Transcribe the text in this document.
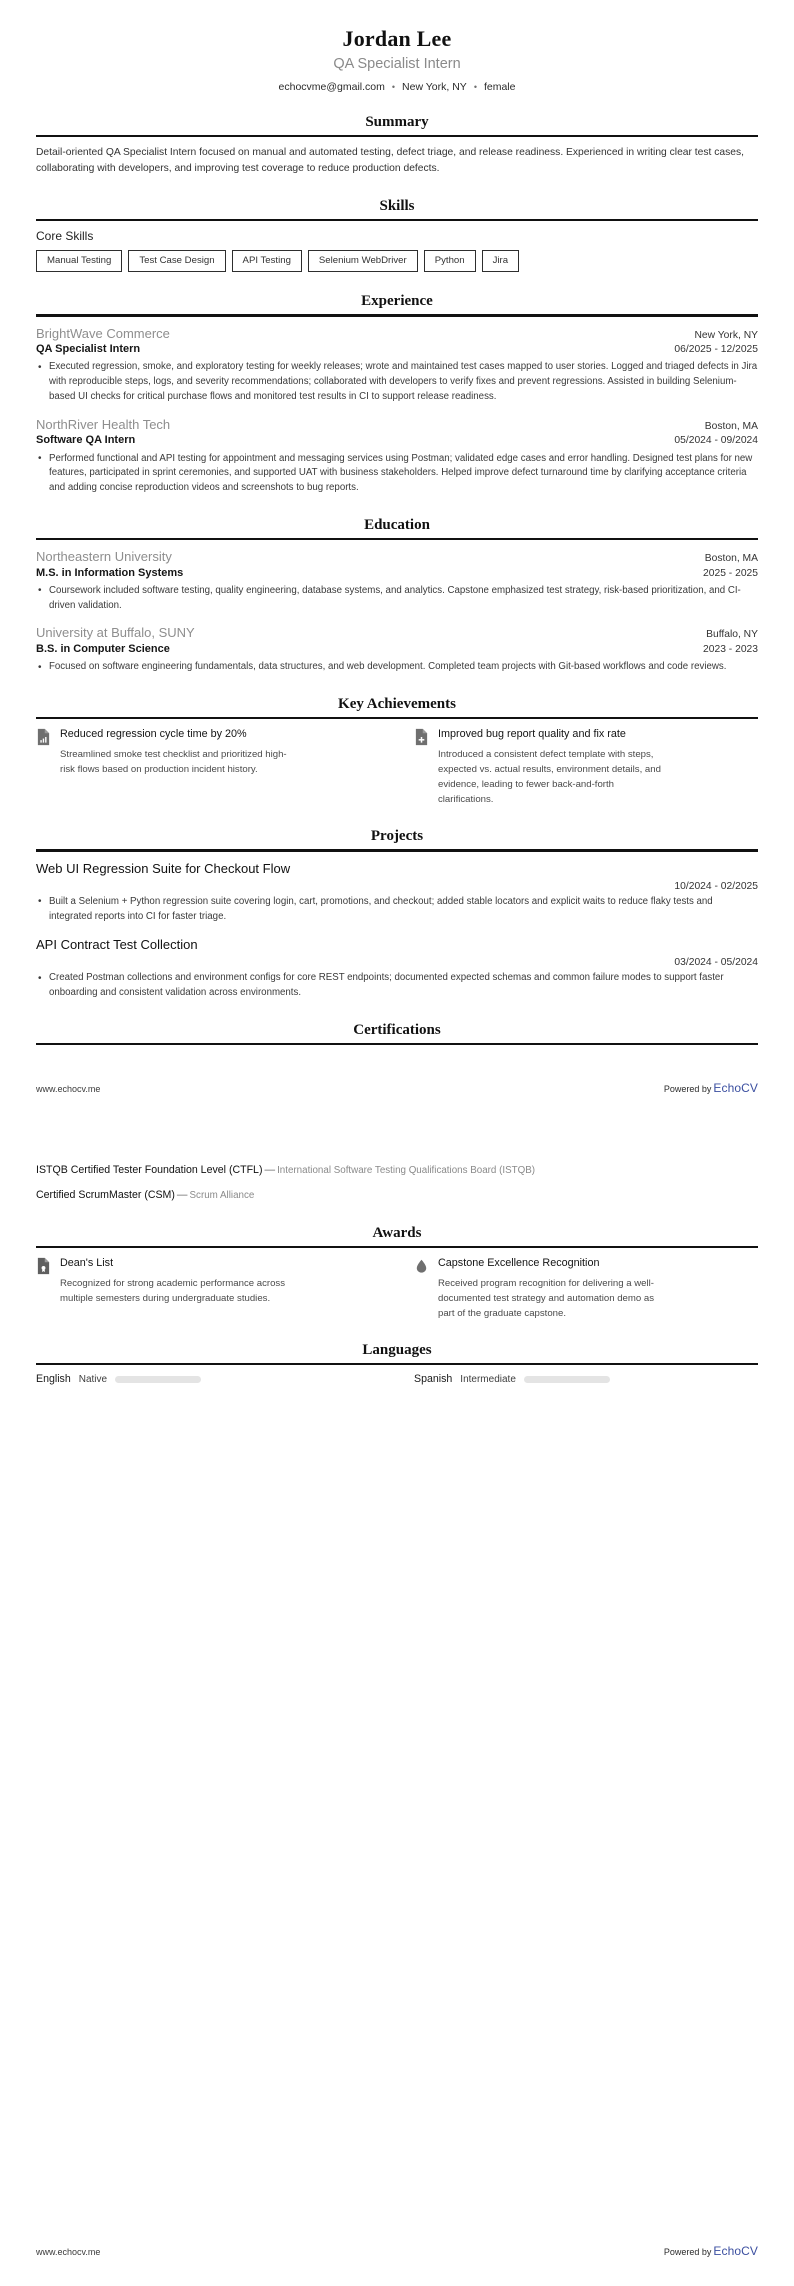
Jordan Lee
QA Specialist Intern
echocvme@gmail.com • New York, NY • female
Summary

Detail-oriented QA Specialist Intern focused on manual and automated testing, defect triage, and release readiness. Experienced in writing clear test cases, collaborating with developers, and improving test coverage to reduce production defects.

Skills
Core Skills
Manual Testing	Test Case Design	API Testing	Selenium WebDriver	Python	Jira
Experience
BrightWave Commerce	New York, NY
QA Specialist Intern	06/2025 - 12/2025
• Executed regression, smoke, and exploratory testing for weekly releases; wrote and maintained test cases mapped to user stories. Logged and triaged defects in Jira with reproducible steps, logs, and severity recommendations; collaborated with developers to verify fixes and prevent regressions. Assisted in building Selenium-based UI checks for critical purchase flows and monitored test results in CI to support release readiness.
NorthRiver Health Tech	Boston, MA
Software QA Intern	05/2024 - 09/2024
• Performed functional and API testing for appointment and messaging services using Postman; validated edge cases and error handling. Designed test plans for new features, participated in sprint ceremonies, and supported UAT with business stakeholders. Helped improve defect turnaround time by clarifying acceptance criteria and adding concise reproduction videos and screenshots to bug reports.
Education
Northeastern University	Boston, MA
M.S. in Information Systems	2025 - 2025
• Coursework included software testing, quality engineering, database systems, and analytics. Capstone emphasized test strategy, risk-based prioritization, and CI-driven validation.
University at Buffalo, SUNY	Buffalo, NY
B.S. in Computer Science	2023 - 2023
• Focused on software engineering fundamentals, data structures, and web development. Completed team projects with Git-based workflows and code reviews.
Key Achievements
Reduced regression cycle time by 20%
Streamlined smoke test checklist and prioritized high-risk flows based on production incident history.
Improved bug report quality and fix rate
Introduced a consistent defect template with steps, expected vs. actual results, environment details, and evidence, leading to fewer back-and-forth clarifications.
Projects
Web UI Regression Suite for Checkout Flow
10/2024 - 02/2025
• Built a Selenium + Python regression suite covering login, cart, promotions, and checkout; added stable locators and explicit waits to reduce flaky tests and integrated reports into CI for faster triage.
API Contract Test Collection
03/2024 - 05/2024
• Created Postman collections and environment configs for core REST endpoints; documented expected schemas and common failure modes to support faster onboarding and consistent validation across environments.
Certifications
www.echocv.me	Powered by EchoCV
ISTQB Certified Tester Foundation Level (CTFL) — International Software Testing Qualifications Board (ISTQB)
Certified ScrumMaster (CSM) — Scrum Alliance
Awards
Dean's List
Recognized for strong academic performance across multiple semesters during undergraduate studies.
Capstone Excellence Recognition
Received program recognition for delivering a well-documented test strategy and automation demo as part of the graduate capstone.
Languages
English Native	Spanish Intermediate
www.echocv.me	Powered by EchoCV
